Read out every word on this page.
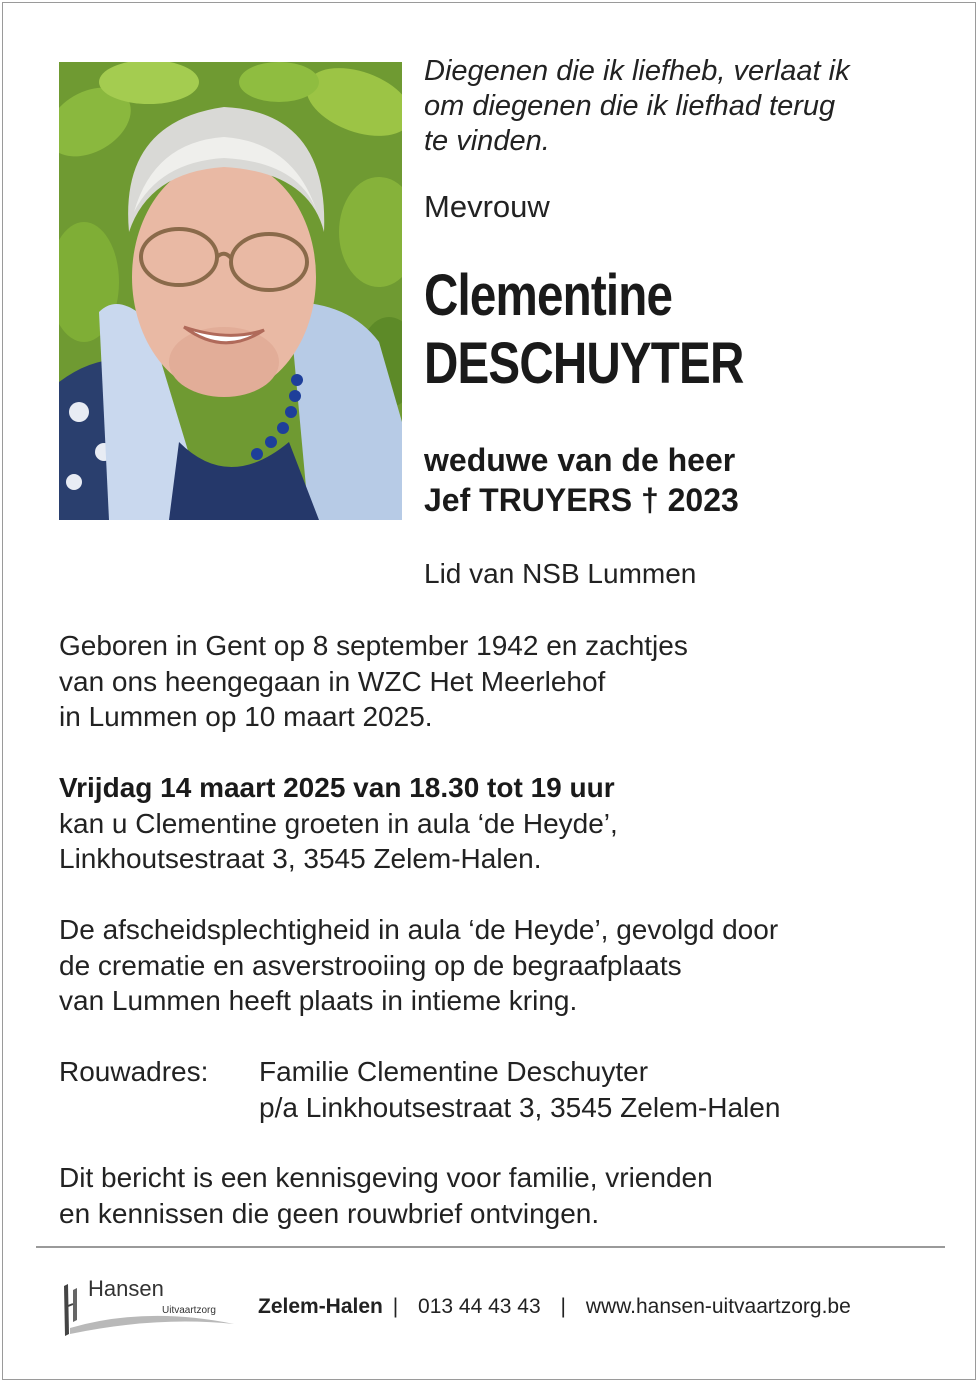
Diegenen die ik liefheb, verlaat ik
om diegenen die ik liefhad terug
te vinden.
Mevrouw
Clementine
DESCHUYTER
weduwe van de heer
Jef TRUYERS † 2023
Lid van NSB Lummen
Geboren in Gent op 8 september 1942 en zachtjes
van ons heengegaan in WZC Het Meerlehof
in Lummen op 10 maart 2025.
Vrijdag 14 maart 2025 van 18.30 tot 19 uur
kan u Clementine groeten in aula ‘de Heyde’,
Linkhoutsestraat 3, 3545 Zelem-Halen.
De afscheidsplechtigheid in aula ‘de Heyde’, gevolgd door
de crematie en asverstrooiing op de begraafplaats
van Lummen heeft plaats in intieme kring.
Rouwadres:	Familie Clementine Deschuyter
p/a Linkhoutsestraat 3, 3545 Zelem-Halen
Dit bericht is een kennisgeving voor familie, vrienden
en kennissen die geen rouwbrief ontvingen.
Hansen
Uitvaartzorg Zelem-Halen | 013 44 43 43 | www.hansen-uitvaartzorg.be
